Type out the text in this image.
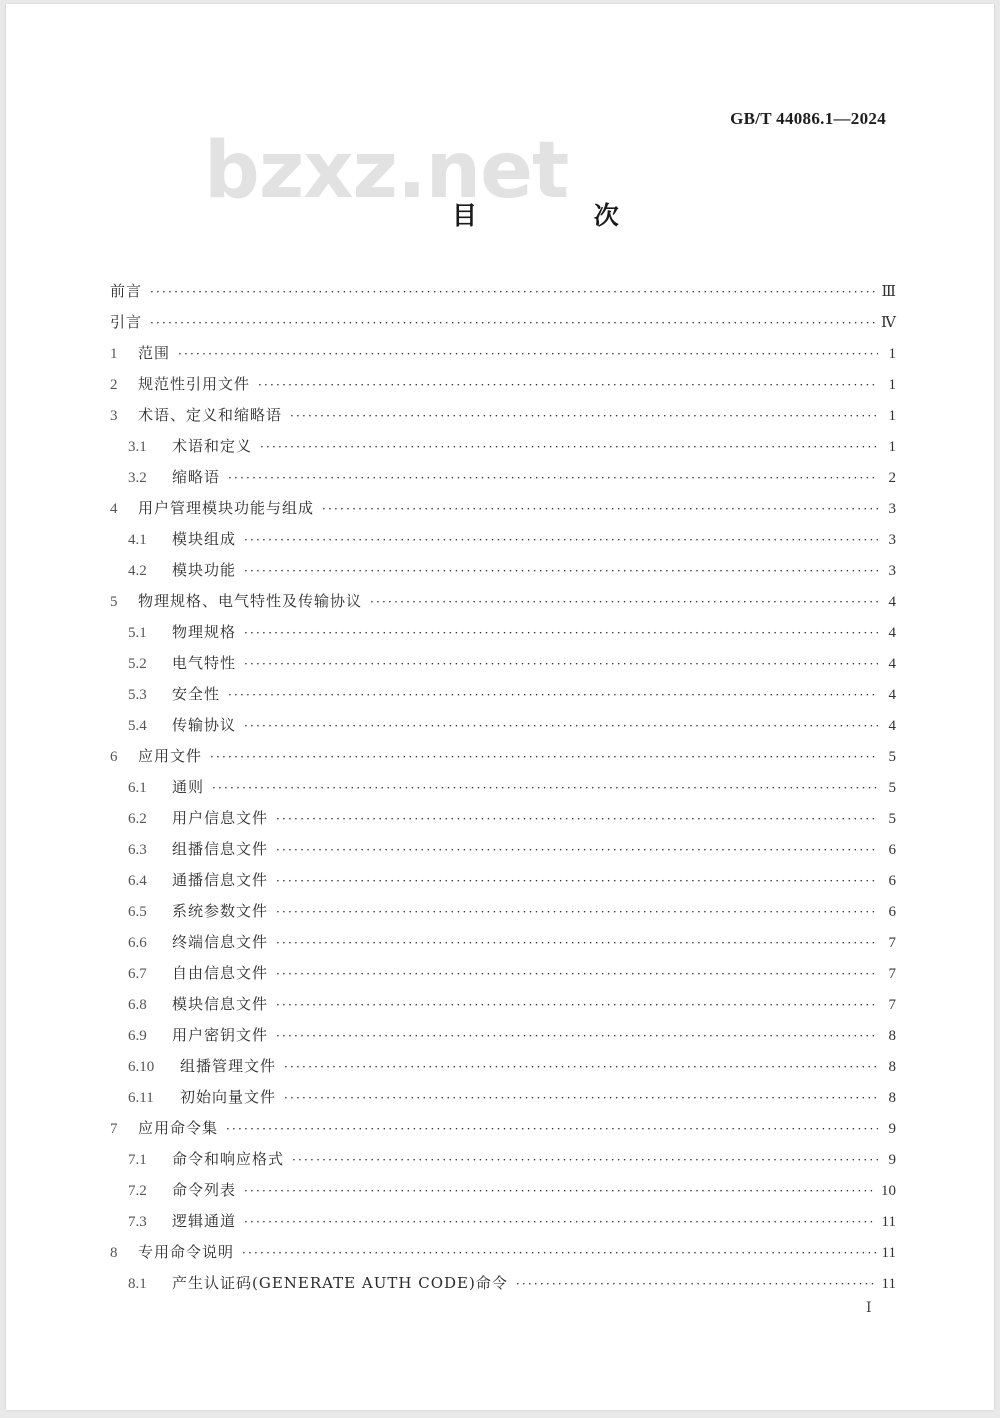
GB/T 44086.1—2024
bzxz.net
目 次
前言 ·····	Ⅲ
引言 ·····	Ⅳ
1	范围 ·····	1
2	规范性引用文件 ·····	1
3	术语、定义和缩略语 ·····	1
3.1	术语和定义 ·····	1
3.2	缩略语 ·····	2
4	用户管理模块功能与组成 ·····	3
4.1	模块组成 ·····	3
4.2	模块功能 ·····	3
5	物理规格、电气特性及传输协议 ·····	4
5.1	物理规格 ·····	4
5.2	电气特性 ·····	4
5.3	安全性 ·····	4
5.4	传输协议 ·····	4
6	应用文件 ·····	5
6.1	通则 ·····	5
6.2	用户信息文件 ·····	5
6.3	组播信息文件 ·····	6
6.4	通播信息文件 ·····	6
6.5	系统参数文件 ·····	6
6.6	终端信息文件 ·····	7
6.7	自由信息文件 ·····	7
6.8	模块信息文件 ·····	7
6.9	用户密钥文件 ·····	8
6.10	组播管理文件 ·····	8
6.11	初始向量文件 ·····	8
7	应用命令集 ·····	9
7.1	命令和响应格式 ·····	9
7.2	命令列表 ·····	10
7.3	逻辑通道 ·····	11
8	专用命令说明 ·····	11
8.1	产生认证码(GENERATE AUTH CODE)命令 ·····	11
Ⅰ
